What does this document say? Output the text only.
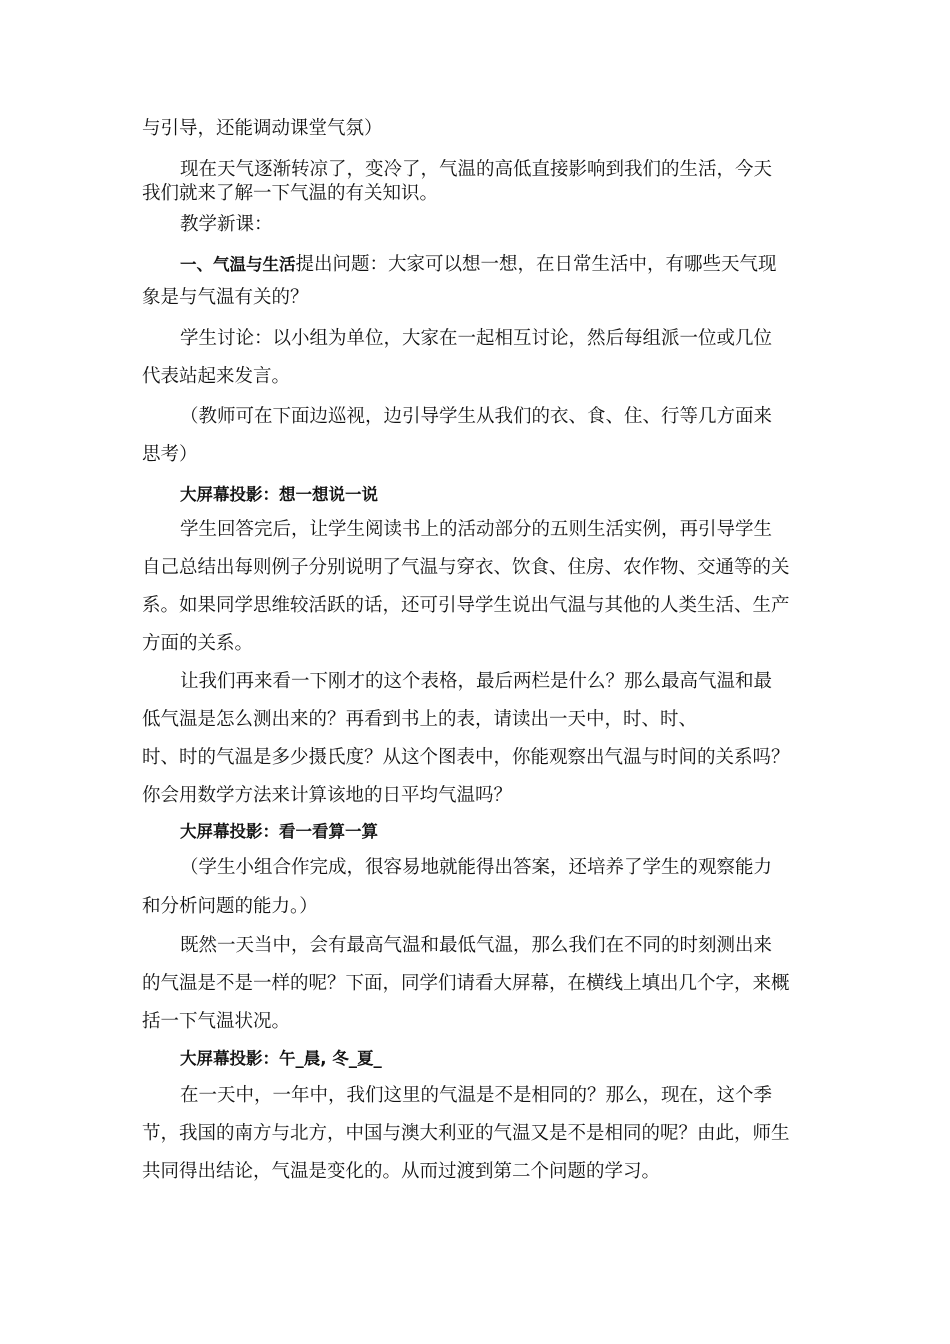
与引导，还能调动课堂气氛）
现在天气逐渐转凉了，变冷了，气温的高低直接影响到我们的生活，今天
我们就来了解一下气温的有关知识。
教学新课：
一、气温与生活提出问题：大家可以想一想，在日常生活中，有哪些天气现
象是与气温有关的？
学生讨论：以小组为单位，大家在一起相互讨论，然后每组派一位或几位
代表站起来发言。
（教师可在下面边巡视，边引导学生从我们的衣、食、住、行等几方面来
思考）
大屏幕投影：想一想说一说
学生回答完后，让学生阅读书上的活动部分的五则生活实例，再引导学生
自己总结出每则例子分别说明了气温与穿衣、饮食、住房、农作物、交通等的关
系。如果同学思维较活跃的话，还可引导学生说出气温与其他的人类生活、生产
方面的关系。
让我们再来看一下刚才的这个表格，最后两栏是什么？那么最高气温和最
低气温是怎么测出来的？再看到书上的表，请读出一天中，时、时、
时、时的气温是多少摄氏度？从这个图表中，你能观察出气温与时间的关系吗？
你会用数学方法来计算该地的日平均气温吗？
大屏幕投影：看一看算一算
（学生小组合作完成，很容易地就能得出答案，还培养了学生的观察能力
和分析问题的能力。）
既然一天当中，会有最高气温和最低气温，那么我们在不同的时刻测出来
的气温是不是一样的呢？下面，同学们请看大屏幕，在横线上填出几个字，来概
括一下气温状况。
大屏幕投影：午_晨, 冬_夏_
在一天中，一年中，我们这里的气温是不是相同的？那么，现在，这个季
节，我国的南方与北方，中国与澳大利亚的气温又是不是相同的呢？由此，师生
共同得出结论，气温是变化的。从而过渡到第二个问题的学习。
